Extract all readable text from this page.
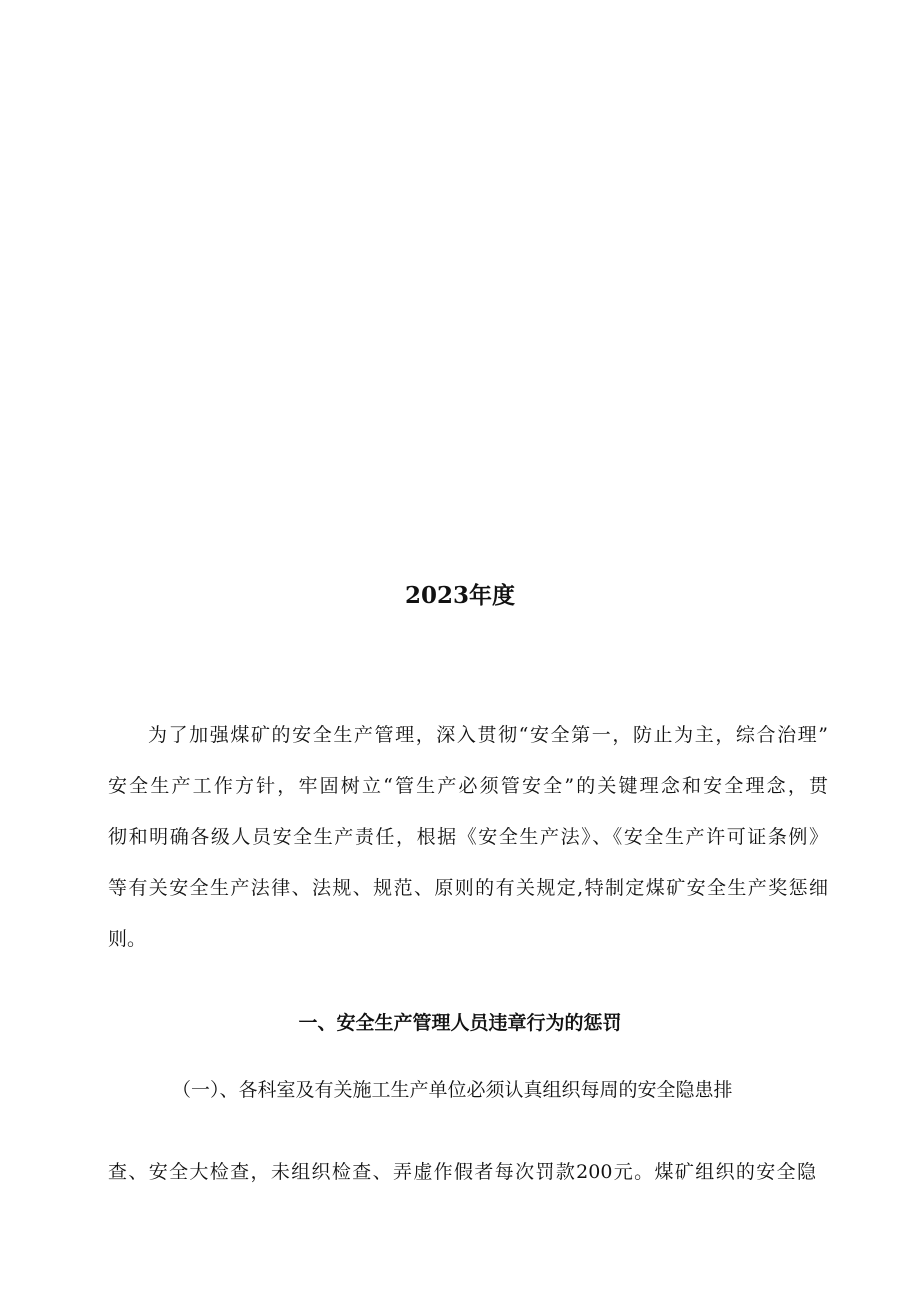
2023年度
为了加强煤矿的安全生产管理，深入贯彻“安全第一，防止为主，综合治理”
安全生产工作方针，牢固树立“管生产必须管安全”的关键理念和安全理念，贯
彻和明确各级人员安全生产责任，根据《安全生产法》、《安全生产许可证条例》
等有关安全生产法律、法规、规范、原则的有关规定,特制定煤矿安全生产奖惩细
则。
一、安全生产管理人员违章行为的惩罚
（一）、各科室及有关施工生产单位必须认真组织每周的安全隐患排
查、安全大检查，未组织检查、弄虚作假者每次罚款200元。煤矿组织的安全隐
